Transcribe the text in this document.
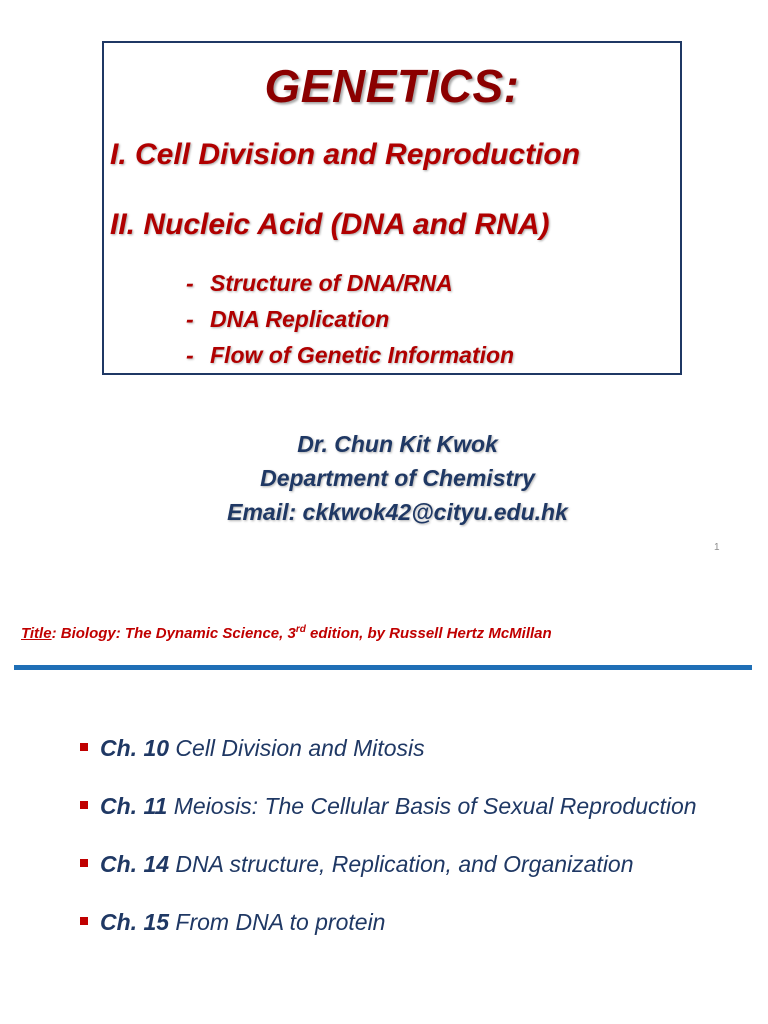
GENETICS:
I. Cell Division and Reproduction
II. Nucleic Acid (DNA and RNA)
- Structure of DNA/RNA
- DNA Replication
- Flow of Genetic Information
Dr. Chun Kit Kwok
Department of Chemistry
Email: ckkwok42@cityu.edu.hk
1
Title: Biology: The Dynamic Science, 3rd edition, by Russell Hertz McMillan
Ch. 10 Cell Division and Mitosis
Ch. 11 Meiosis: The Cellular Basis of Sexual Reproduction
Ch. 14 DNA structure, Replication, and Organization
Ch. 15 From DNA to protein
